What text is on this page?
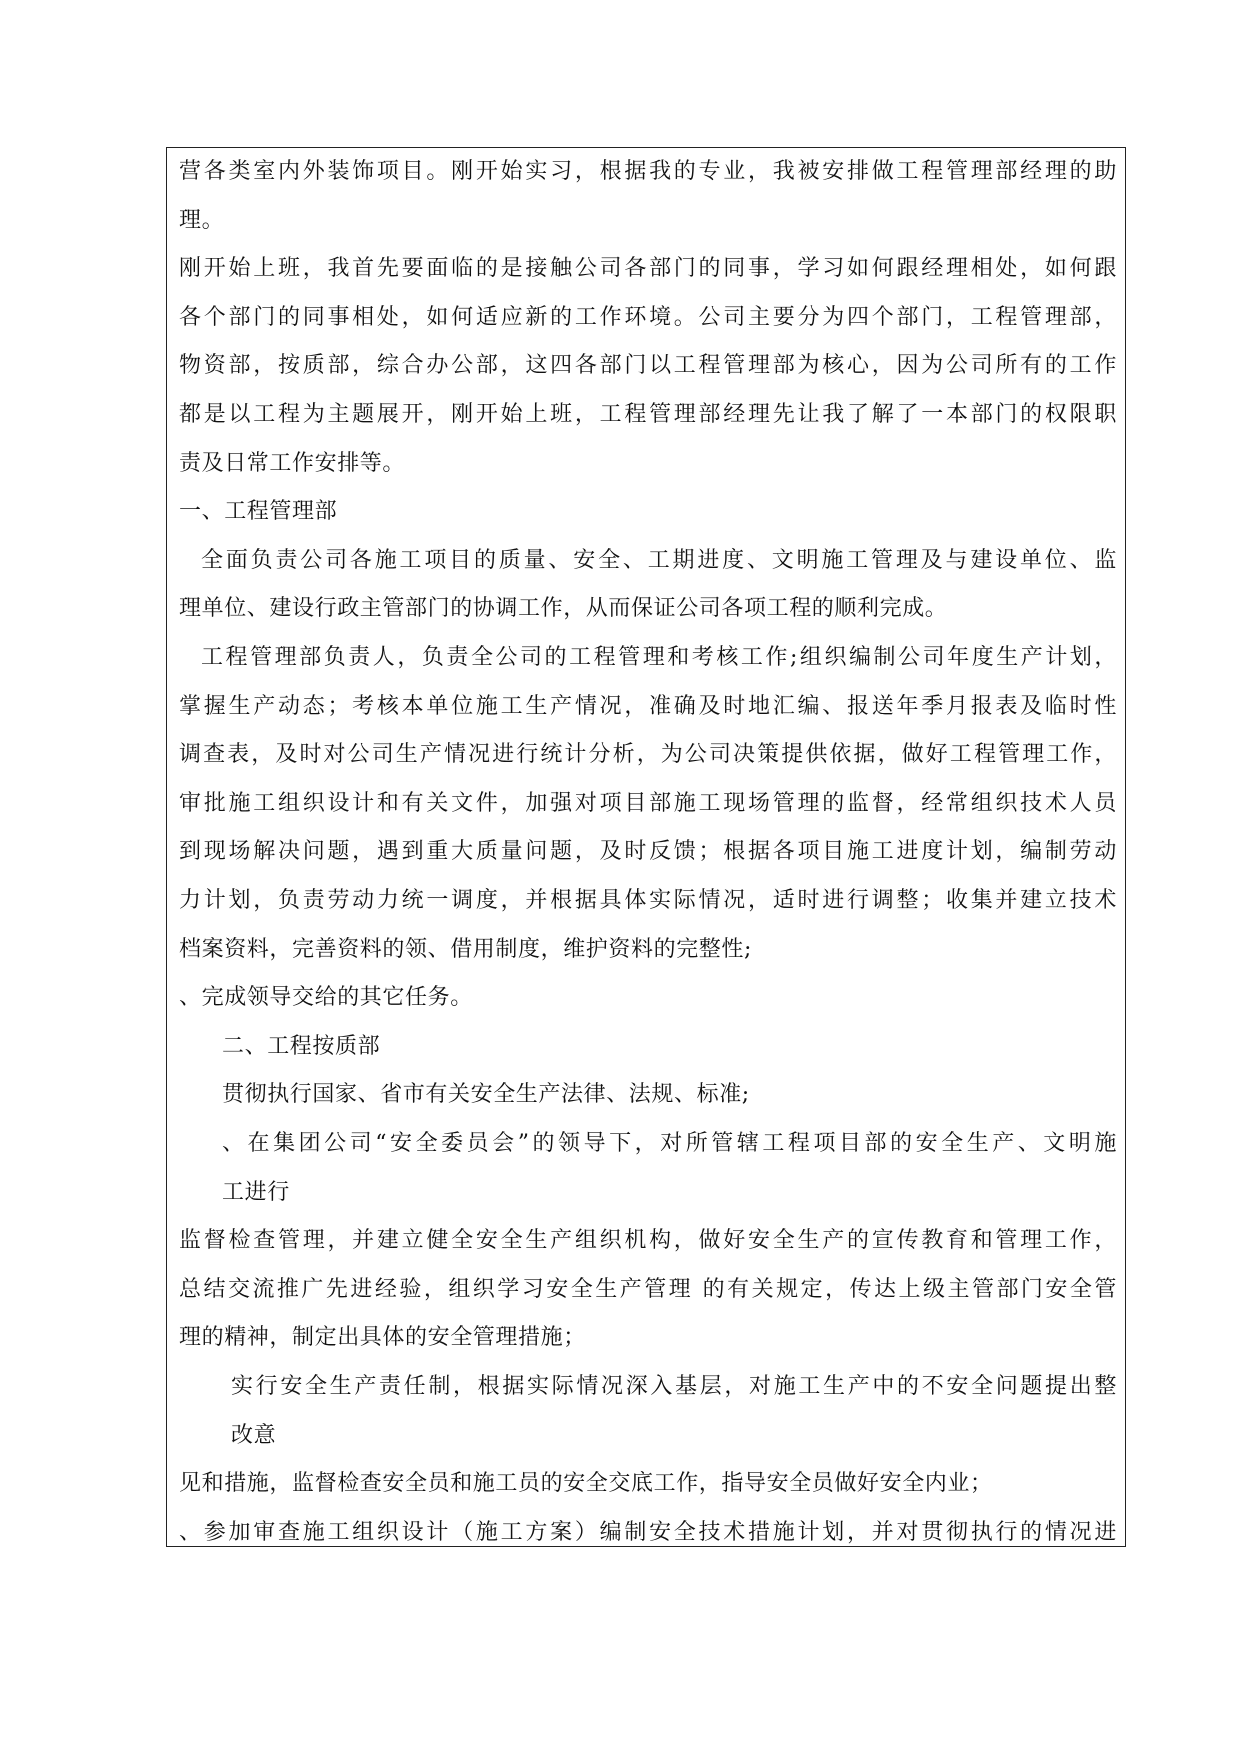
营各类室内外装饰项目。刚开始实习，根据我的专业，我被安排做工程管理部经理的助
理。
刚开始上班，我首先要面临的是接触公司各部门的同事，学习如何跟经理相处，如何跟
各个部门的同事相处，如何适应新的工作环境。公司主要分为四个部门，工程管理部，
物资部，按质部，综合办公部，这四各部门以工程管理部为核心，因为公司所有的工作
都是以工程为主题展开，刚开始上班，工程管理部经理先让我了解了一本部门的权限职
责及日常工作安排等。
一、工程管理部
全面负责公司各施工项目的质量、安全、工期进度、文明施工管理及与建设单位、监
理单位、建设行政主管部门的协调工作，从而保证公司各项工程的顺利完成。
工程管理部负责人，负责全公司的工程管理和考核工作;组织编制公司年度生产计划，
掌握生产动态；考核本单位施工生产情况，准确及时地汇编、报送年季月报表及临时性
调查表，及时对公司生产情况进行统计分析，为公司决策提供依据，做好工程管理工作，
审批施工组织设计和有关文件，加强对项目部施工现场管理的监督，经常组织技术人员
到现场解决问题，遇到重大质量问题，及时反馈；根据各项目施工进度计划，编制劳动
力计划，负责劳动力统一调度，并根据具体实际情况，适时进行调整；收集并建立技术
档案资料，完善资料的领、借用制度，维护资料的完整性;
、完成领导交给的其它任务。
二、工程按质部
贯彻执行国家、省市有关安全生产法律、法规、标准;
、在集团公司“安全委员会”的领导下，对所管辖工程项目部的安全生产、文明施
工进行
监督检查管理，并建立健全安全生产组织机构，做好安全生产的宣传教育和管理工作，
总结交流推广先进经验，组织学习安全生产管理 的有关规定，传达上级主管部门安全管
理的精神，制定出具体的安全管理措施；
实行安全生产责任制，根据实际情况深入基层，对施工生产中的不安全问题提出整
改意
见和措施，监督检查安全员和施工员的安全交底工作，指导安全员做好安全内业；
、参加审查施工组织设计（施工方案）编制安全技术措施计划，并对贯彻执行的情况进
